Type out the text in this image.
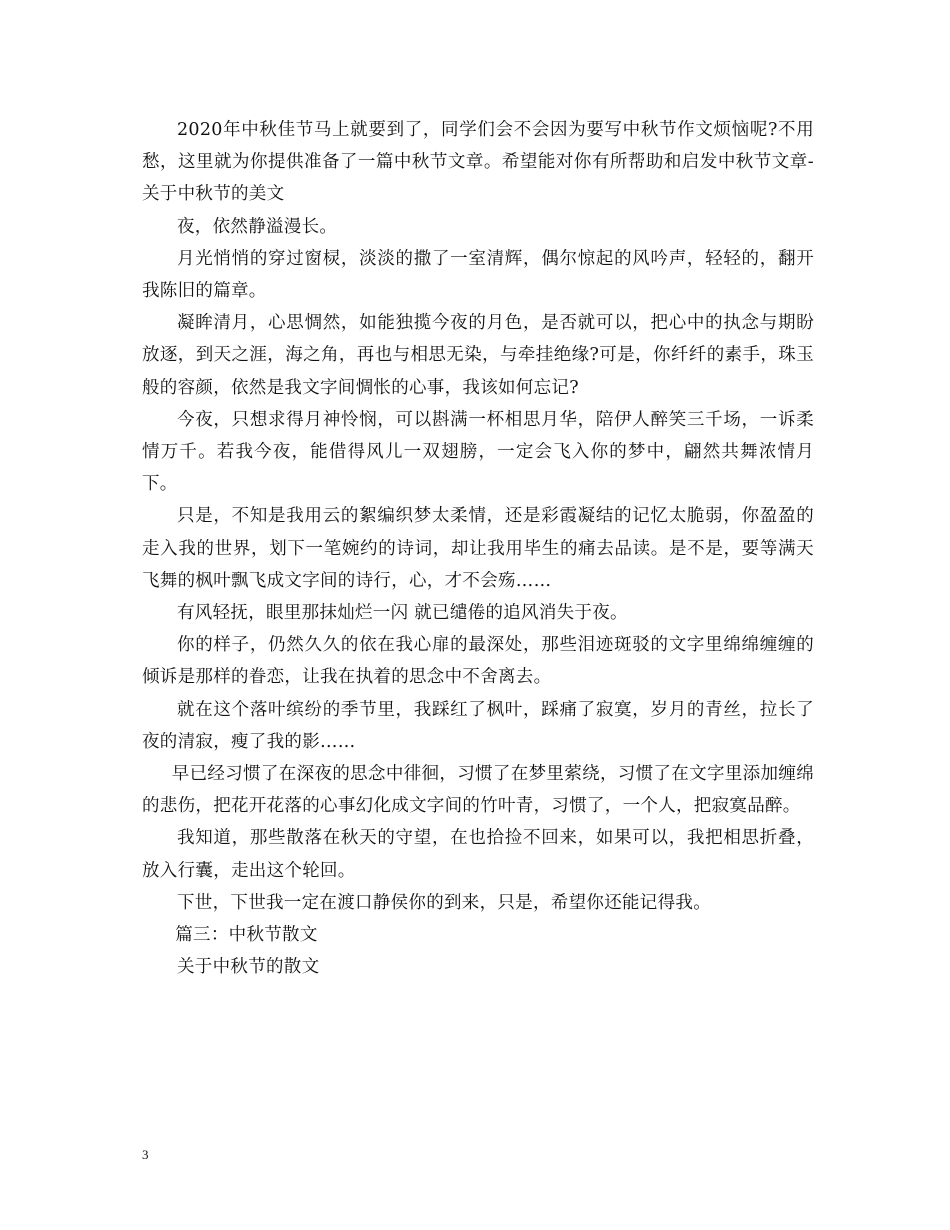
2020年中秋佳节马上就要到了，同学们会不会因为要写中秋节作文烦恼呢?不用愁，这里就为你提供准备了一篇中秋节文章。希望能对你有所帮助和启发中秋节文章-关于中秋节的美文

夜，依然静溢漫长。

月光悄悄的穿过窗棂，淡淡的撒了一室清辉，偶尔惊起的风吟声，轻轻的，翻开我陈旧的篇章。

凝眸清月，心思惆然，如能独揽今夜的月色，是否就可以，把心中的执念与期盼放逐，到天之涯，海之角，再也与相思无染，与牵挂绝缘?可是，你纤纤的素手，珠玉般的容颜，依然是我文字间惆怅的心事，我该如何忘记?

今夜，只想求得月神怜悯，可以斟满一杯相思月华，陪伊人醉笑三千场，一诉柔情万千。若我今夜，能借得风儿一双翅膀，一定会飞入你的梦中，翩然共舞浓情月下。

只是，不知是我用云的絮编织梦太柔情，还是彩霞凝结的记忆太脆弱，你盈盈的走入我的世界，划下一笔婉约的诗词，却让我用毕生的痛去品读。是不是，要等满天飞舞的枫叶飘飞成文字间的诗行，心，才不会殇……

有风轻抚，眼里那抹灿烂一闪 就已缱倦的追风消失于夜。

你的样子，仍然久久的依在我心扉的最深处，那些泪迹斑驳的文字里绵绵缠缠的倾诉是那样的眷恋，让我在执着的思念中不舍离去。

就在这个落叶缤纷的季节里，我踩红了枫叶，踩痛了寂寞，岁月的青丝，拉长了夜的清寂，瘦了我的影……

早已经习惯了在深夜的思念中徘徊，习惯了在梦里萦绕，习惯了在文字里添加缠绵的悲伤，把花开花落的心事幻化成文字间的竹叶青，习惯了，一个人，把寂寞品醉。

我知道，那些散落在秋天的守望，在也拾捡不回来，如果可以，我把相思折叠，放入行囊，走出这个轮回。

下世，下世我一定在渡口静侯你的到来，只是，希望你还能记得我。

篇三：中秋节散文

关于中秋节的散文

3
